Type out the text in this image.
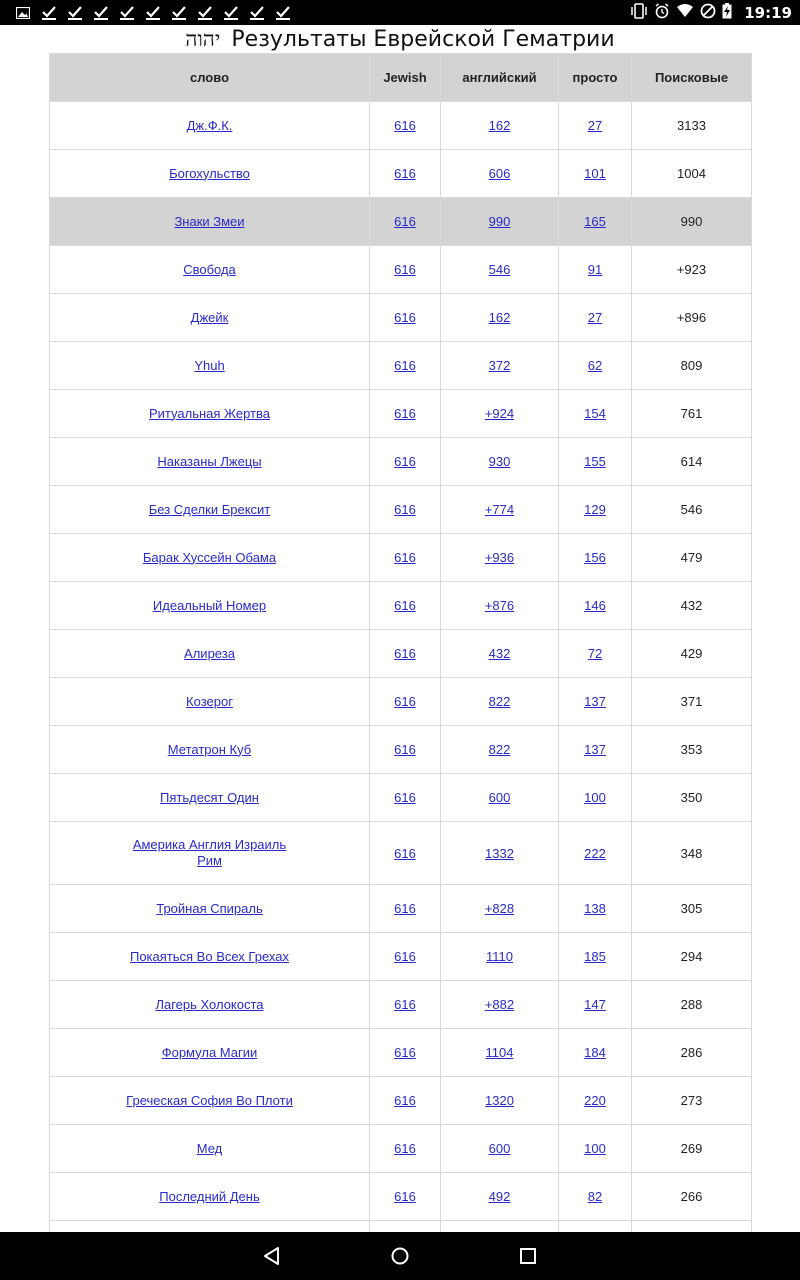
19:19
יהוה Результаты Еврейской Гематрии
слово	Jewish	английский	просто	Поисковые
Дж.Ф.К.	616	162	27	3133
Богохульство	616	606	101	1004
Знаки Змеи	616	990	165	990
Свобода	616	546	91	+923
Джейк	616	162	27	+896
Yhuh	616	372	62	809
Ритуальная Жертва	616	+924	154	761
Наказаны Лжецы	616	930	155	614
Без Сделки Брексит	616	+774	129	546
Барак Хуссейн Обама	616	+936	156	479
Идеальный Номер	616	+876	146	432
Алиреза	616	432	72	429
Козерог	616	822	137	371
Метатрон Куб	616	822	137	353
Пятьдесят Один	616	600	100	350
Америка Англия Израиль Рим	616	1332	222	348
Тройная Спираль	616	+828	138	305
Покаяться Во Всех Грехах	616	1110	185	294
Лагерь Холокоста	616	+882	147	288
Формула Магии	616	1104	184	286
Греческая София Во Плоти	616	1320	220	273
Мед	616	600	100	269
Последний День	616	492	82	266
